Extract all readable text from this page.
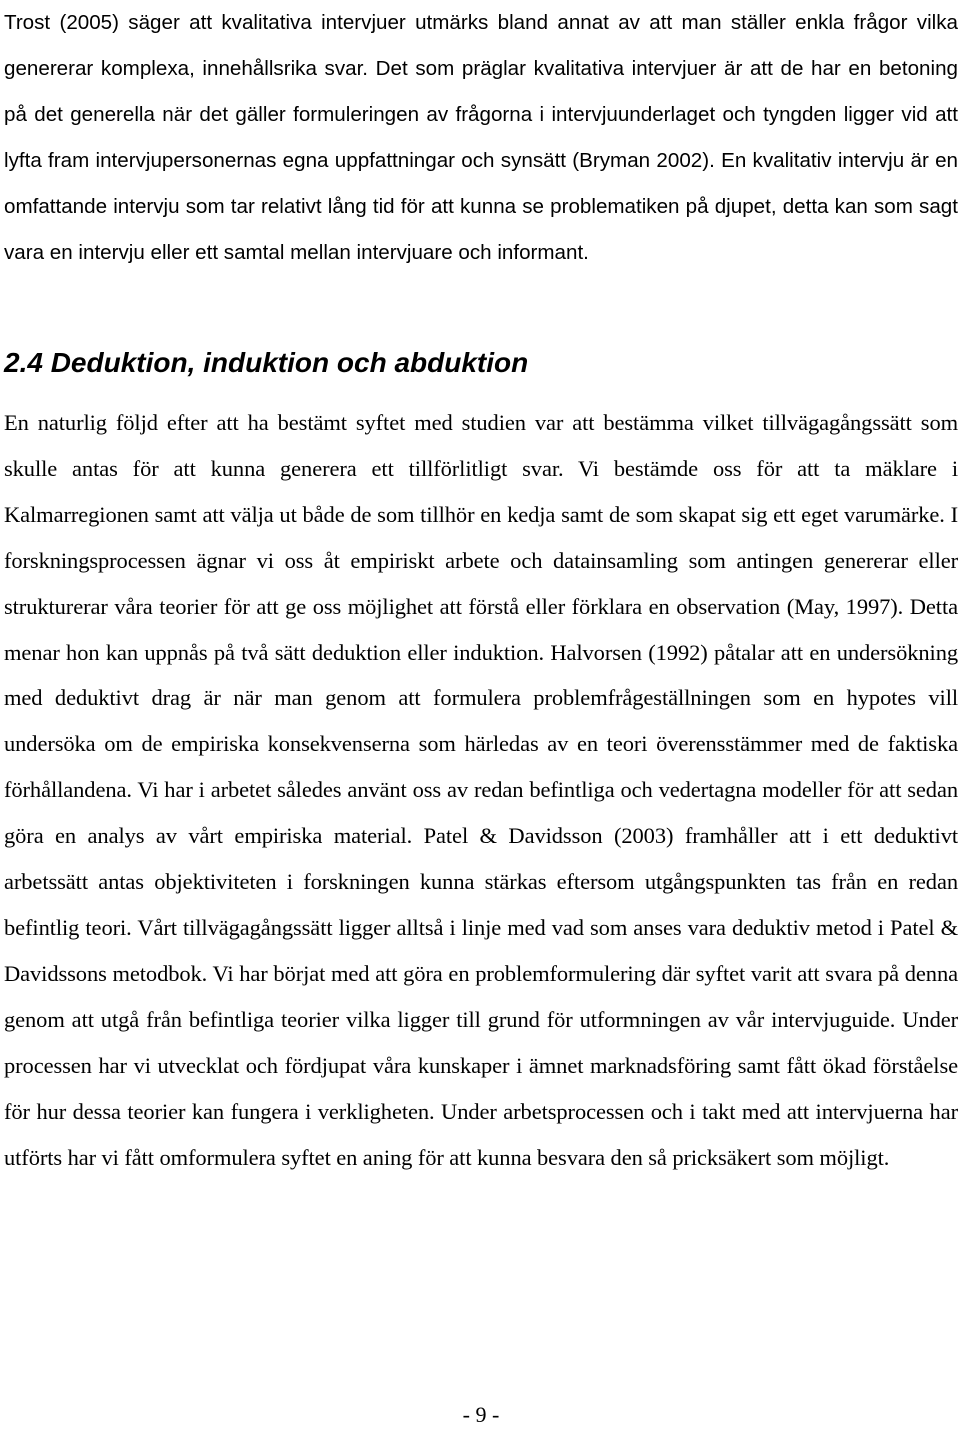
Trost (2005) säger att kvalitativa intervjuer utmärks bland annat av att man ställer enkla frågor vilka genererar komplexa, innehållsrika svar. Det som präglar kvalitativa intervjuer är att de har en betoning på det generella när det gäller formuleringen av frågorna i intervjuunderlaget och tyngden ligger vid att lyfta fram intervjupersonernas egna uppfattningar och synsätt (Bryman 2002). En kvalitativ intervju är en omfattande intervju som tar relativt lång tid för att kunna se problematiken på djupet, detta kan som sagt vara en intervju eller ett samtal mellan intervjuare och informant.

2.4 Deduktion, induktion och abduktion

En naturlig följd efter att ha bestämt syftet med studien var att bestämma vilket tillvägagångssätt som skulle antas för att kunna generera ett tillförlitligt svar. Vi bestämde oss för att ta mäklare i Kalmarregionen samt att välja ut både de som tillhör en kedja samt de som skapat sig ett eget varumärke. I forskningsprocessen ägnar vi oss åt empiriskt arbete och datainsamling som antingen genererar eller strukturerar våra teorier för att ge oss möjlighet att förstå eller förklara en observation (May, 1997). Detta menar hon kan uppnås på två sätt deduktion eller induktion. Halvorsen (1992) påtalar att en undersökning med deduktivt drag är när man genom att formulera problemfrågeställningen som en hypotes vill undersöka om de empiriska konsekvenserna som härledas av en teori överensstämmer med de faktiska förhållandena. Vi har i arbetet således använt oss av redan befintliga och vedertagna modeller för att sedan göra en analys av vårt empiriska material. Patel & Davidsson (2003) framhåller att i ett deduktivt arbetssätt antas objektiviteten i forskningen kunna stärkas eftersom utgångspunkten tas från en redan befintlig teori. Vårt tillvägagångssätt ligger alltså i linje med vad som anses vara deduktiv metod i Patel & Davidssons metodbok. Vi har börjat med att göra en problemformulering där syftet varit att svara på denna genom att utgå från befintliga teorier vilka ligger till grund för utformningen av vår intervjuguide. Under processen har vi utvecklat och fördjupat våra kunskaper i ämnet marknadsföring samt fått ökad förståelse för hur dessa teorier kan fungera i verkligheten. Under arbetsprocessen och i takt med att intervjuerna har utförts har vi fått omformulera syftet en aning för att kunna besvara den så pricksäkert som möjligt.

- 9 -
